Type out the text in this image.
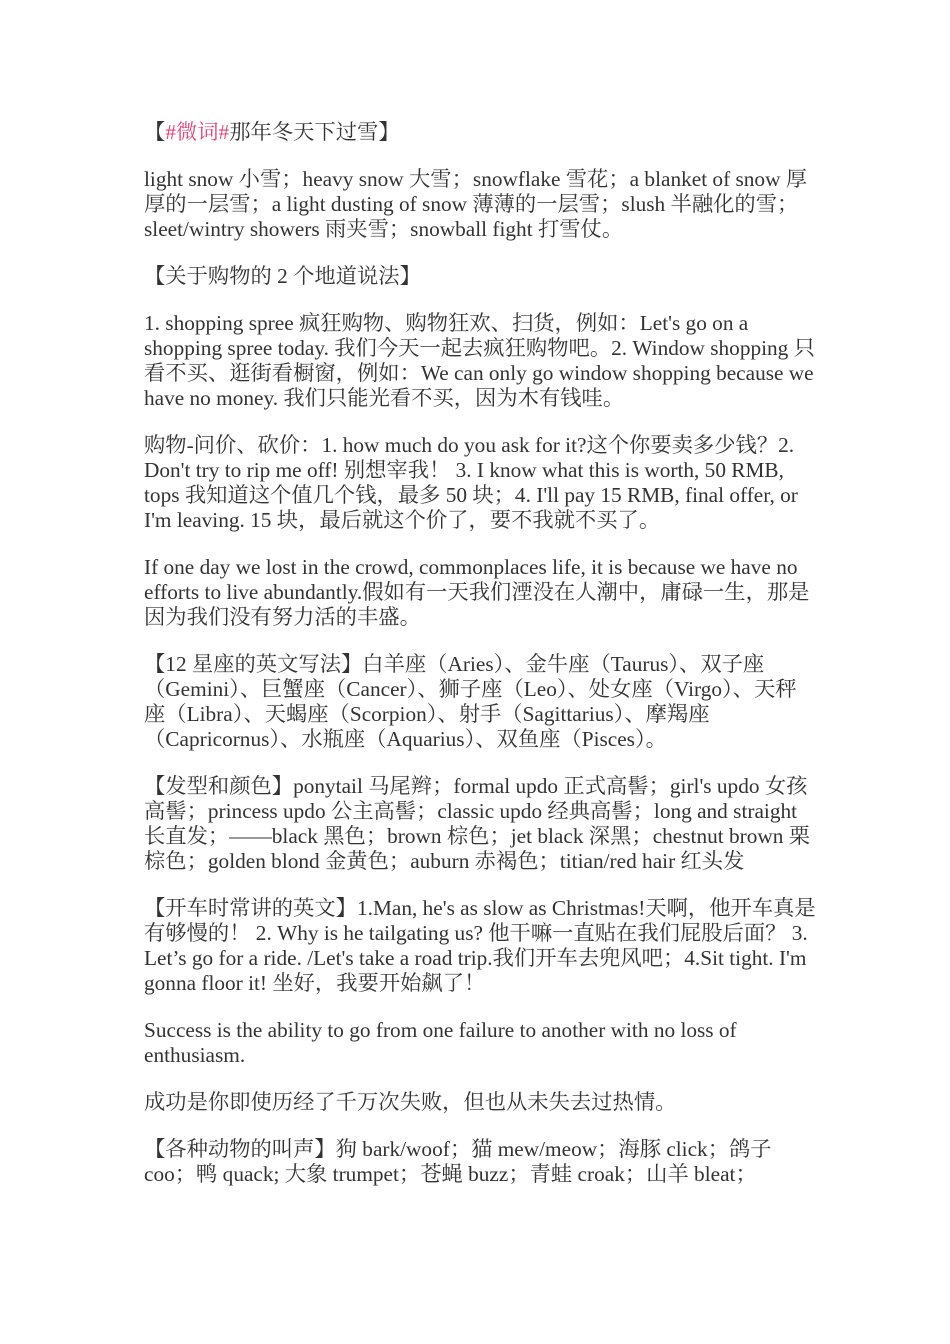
【#微词#那年冬天下过雪】

light snow 小雪；heavy snow 大雪；snowflake 雪花；a blanket of snow 厚厚的一层雪；a light dusting of snow 薄薄的一层雪；slush 半融化的雪；sleet/wintry showers 雨夹雪；snowball fight 打雪仗。

【关于购物的 2 个地道说法】

1. shopping spree 疯狂购物、购物狂欢、扫货，例如：Let's go on a shopping spree today. 我们今天一起去疯狂购物吧。2. Window shopping 只看不买、逛街看橱窗，例如：We can only go window shopping because we have no money. 我们只能光看不买，因为木有钱哇。

购物-问价、砍价：1. how much do you ask for it?这个你要卖多少钱？2. Don't try to rip me off! 别想宰我！ 3. I know what this is worth, 50 RMB, tops 我知道这个值几个钱，最多 50 块；4. I'll pay 15 RMB, final offer, or I'm leaving. 15 块，最后就这个价了，要不我就不买了。

If one day we lost in the crowd, commonplaces life, it is because we have no efforts to live abundantly.假如有一天我们湮没在人潮中，庸碌一生，那是因为我们没有努力活的丰盛。

【12 星座的英文写法】白羊座（Aries）、金牛座（Taurus）、双子座（Gemini）、巨蟹座（Cancer）、狮子座（Leo）、处女座（Virgo）、天秤座（Libra）、天蝎座（Scorpion）、射手（Sagittarius）、摩羯座（Capricornus）、水瓶座（Aquarius）、双鱼座（Pisces）。

【发型和颜色】ponytail 马尾辫；formal updo 正式高髻；girl's updo 女孩高髻；princess updo 公主高髻；classic updo 经典高髻；long and straight 长直发；——black 黑色；brown 棕色；jet black 深黑；chestnut brown 栗棕色；golden blond 金黄色；auburn 赤褐色；titian/red hair 红头发

【开车时常讲的英文】1.Man, he's as slow as Christmas!天啊，他开车真是有够慢的！ 2. Why is he tailgating us? 他干嘛一直贴在我们屁股后面？ 3. Let’s go for a ride. /Let's take a road trip.我们开车去兜风吧；4.Sit tight. I'm gonna floor it! 坐好，我要开始飙了！

Success is the ability to go from one failure to another with no loss of enthusiasm.

成功是你即使历经了千万次失败，但也从未失去过热情。

【各种动物的叫声】狗 bark/woof；猫 mew/meow；海豚 click；鸽子 coo；鸭 quack; 大象 trumpet；苍蝇 buzz；青蛙 croak；山羊 bleat；
